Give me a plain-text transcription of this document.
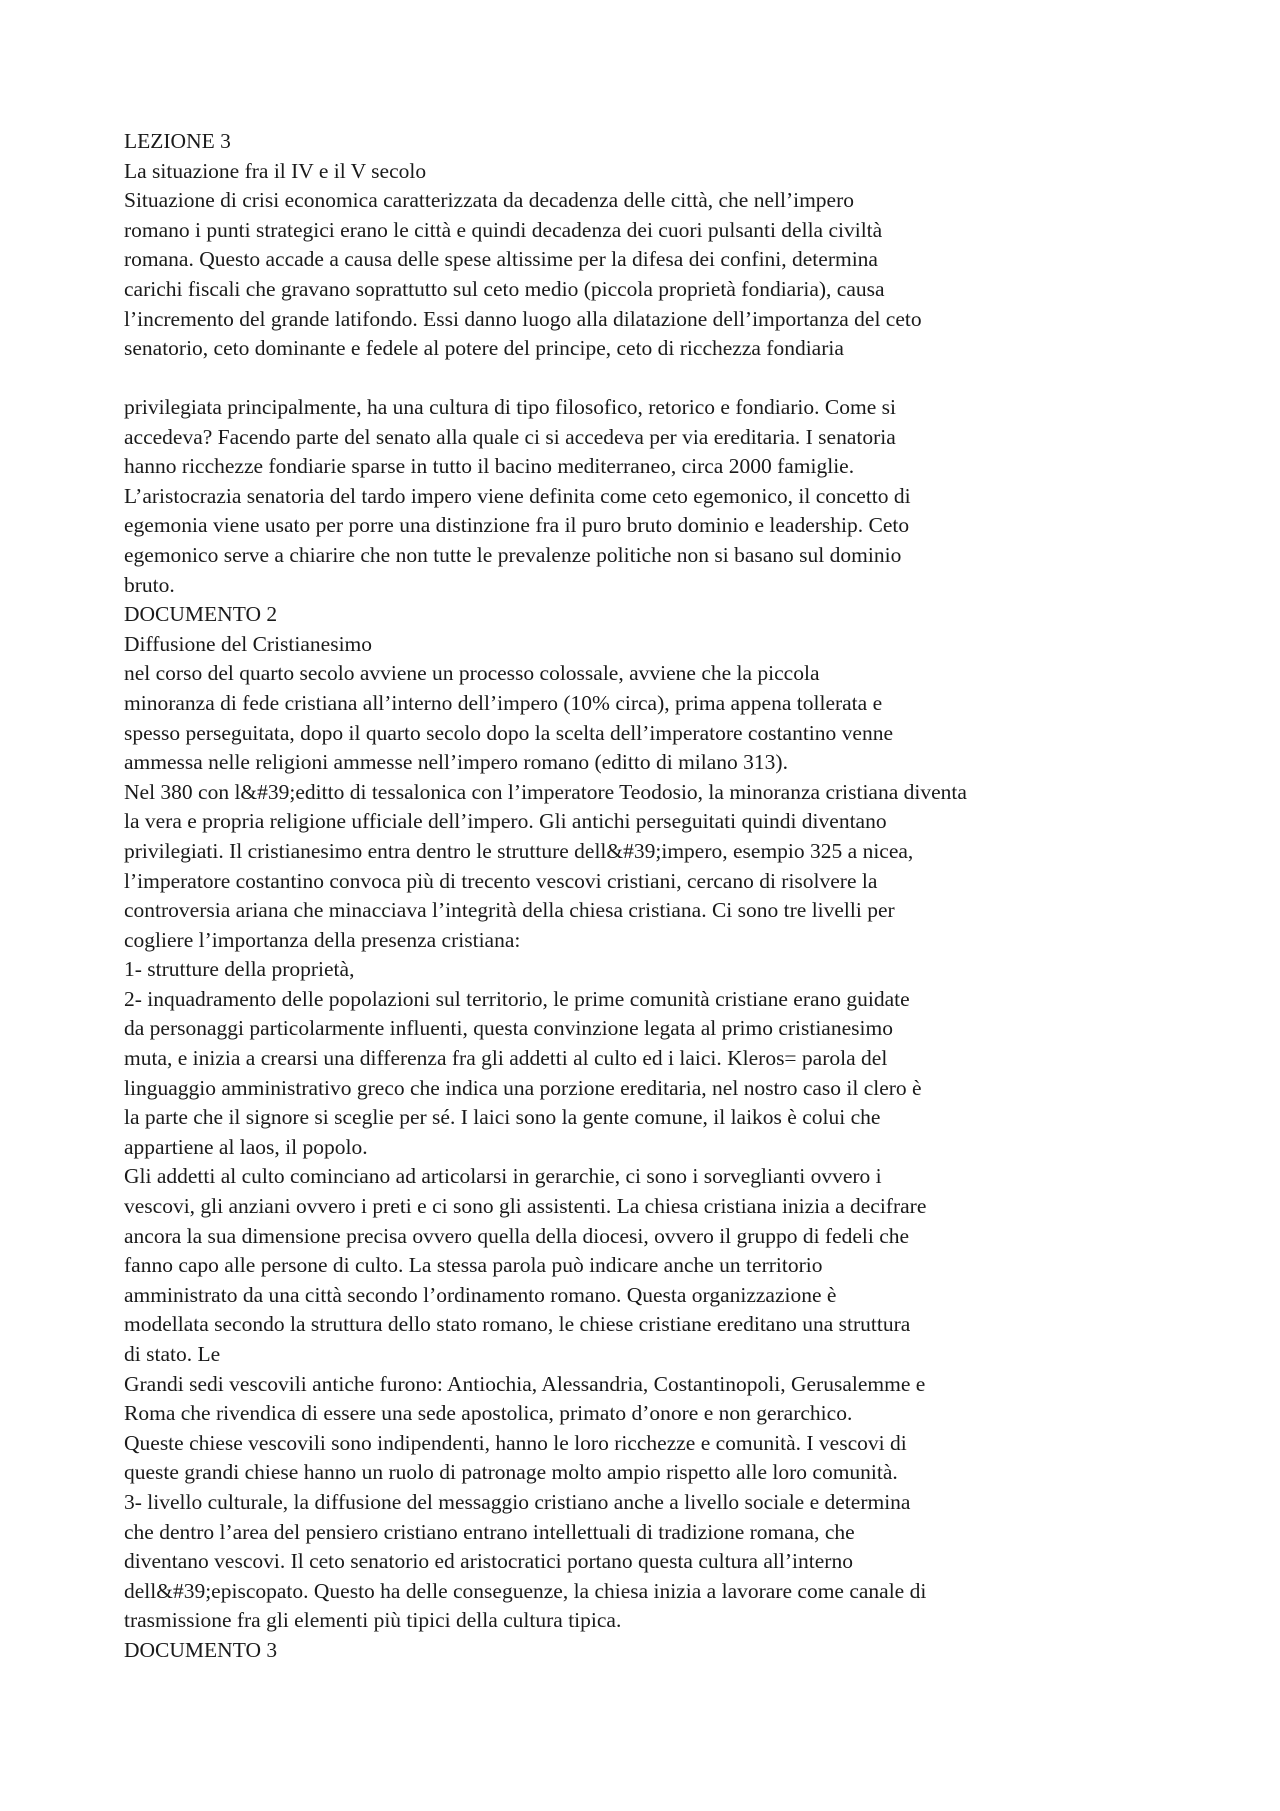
LEZIONE 3
La situazione fra il IV e il V secolo
Situazione di crisi economica caratterizzata da decadenza delle città, che nell’impero
romano i punti strategici erano le città e quindi decadenza dei cuori pulsanti della civiltà
romana. Questo accade a causa delle spese altissime per la difesa dei confini, determina
carichi fiscali che gravano soprattutto sul ceto medio (piccola proprietà fondiaria), causa
l’incremento del grande latifondo. Essi danno luogo alla dilatazione dell’importanza del ceto
senatorio, ceto dominante e fedele al potere del principe, ceto di ricchezza fondiaria
privilegiata principalmente, ha una cultura di tipo filosofico, retorico e fondiario. Come si
accedeva? Facendo parte del senato alla quale ci si accedeva per via ereditaria. I senatoria
hanno ricchezze fondiarie sparse in tutto il bacino mediterraneo, circa 2000 famiglie.
L’aristocrazia senatoria del tardo impero viene definita come ceto egemonico, il concetto di
egemonia viene usato per porre una distinzione fra il puro bruto dominio e leadership. Ceto
egemonico serve a chiarire che non tutte le prevalenze politiche non si basano sul dominio
bruto.
DOCUMENTO 2
Diffusione del Cristianesimo
nel corso del quarto secolo avviene un processo colossale, avviene che la piccola
minoranza di fede cristiana all’interno dell’impero (10% circa), prima appena tollerata e
spesso perseguitata, dopo il quarto secolo dopo la scelta dell’imperatore costantino venne
ammessa nelle religioni ammesse nell’impero romano (editto di milano 313).
Nel 380 con l&#39;editto di tessalonica con l’imperatore Teodosio, la minoranza cristiana diventa
la vera e propria religione ufficiale dell’impero. Gli antichi perseguitati quindi diventano
privilegiati. Il cristianesimo entra dentro le strutture dell&#39;impero, esempio 325 a nicea,
l’imperatore costantino convoca più di trecento vescovi cristiani, cercano di risolvere la
controversia ariana che minacciava l’integrità della chiesa cristiana. Ci sono tre livelli per
cogliere l’importanza della presenza cristiana:
1- strutture della proprietà,
2- inquadramento delle popolazioni sul territorio, le prime comunità cristiane erano guidate
da personaggi particolarmente influenti, questa convinzione legata al primo cristianesimo
muta, e inizia a crearsi una differenza fra gli addetti al culto ed i laici. Kleros= parola del
linguaggio amministrativo greco che indica una porzione ereditaria, nel nostro caso il clero è
la parte che il signore si sceglie per sé. I laici sono la gente comune, il laikos è colui che
appartiene al laos, il popolo.
Gli addetti al culto cominciano ad articolarsi in gerarchie, ci sono i sorveglianti ovvero i
vescovi, gli anziani ovvero i preti e ci sono gli assistenti. La chiesa cristiana inizia a decifrare
ancora la sua dimensione precisa ovvero quella della diocesi, ovvero il gruppo di fedeli che
fanno capo alle persone di culto. La stessa parola può indicare anche un territorio
amministrato da una città secondo l’ordinamento romano. Questa organizzazione è
modellata secondo la struttura dello stato romano, le chiese cristiane ereditano una struttura
di stato. Le
Grandi sedi vescovili antiche furono: Antiochia, Alessandria, Costantinopoli, Gerusalemme e
Roma che rivendica di essere una sede apostolica, primato d’onore e non gerarchico.
Queste chiese vescovili sono indipendenti, hanno le loro ricchezze e comunità. I vescovi di
queste grandi chiese hanno un ruolo di patronage molto ampio rispetto alle loro comunità.
3- livello culturale, la diffusione del messaggio cristiano anche a livello sociale e determina
che dentro l’area del pensiero cristiano entrano intellettuali di tradizione romana, che
diventano vescovi. Il ceto senatorio ed aristocratici portano questa cultura all’interno
dell&#39;episcopato. Questo ha delle conseguenze, la chiesa inizia a lavorare come canale di
trasmissione fra gli elementi più tipici della cultura tipica.
DOCUMENTO 3
